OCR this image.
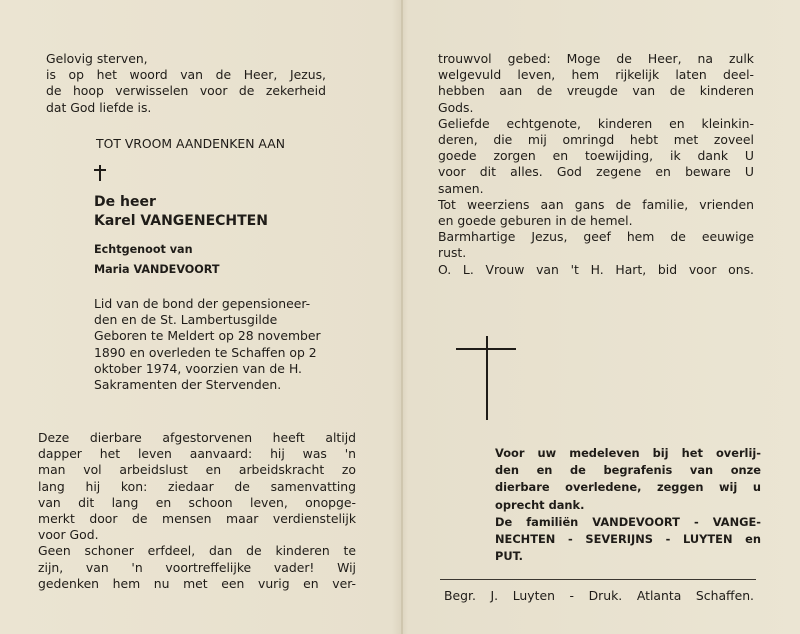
Gelovig sterven,
is op het woord van de Heer, Jezus,
de hoop verwisselen voor de zekerheid
dat God liefde is.
TOT VROOM AANDENKEN AAN
De heer
Karel VANGENECHTEN
Echtgenoot van
Maria VANDEVOORT
Lid van de bond der gepensioneer-
den en de St. Lambertusgilde
Geboren te Meldert op 28 november
1890 en overleden te Schaffen op 2
oktober 1974, voorzien van de H.
Sakramenten der Stervenden.
Deze dierbare afgestorvenen heeft altijd
dapper het leven aanvaard: hij was 'n
man vol arbeidslust en arbeidskracht zo
lang hij kon: ziedaar de samenvatting
van dit lang en schoon leven, onopge-
merkt door de mensen maar verdienstelijk
voor God.
Geen schoner erfdeel, dan de kinderen te
zijn, van 'n voortreffelijke vader! Wij
gedenken hem nu met een vurig en ver-
trouwvol gebed: Moge de Heer, na zulk
welgevuld leven, hem rijkelijk laten deel-
hebben aan de vreugde van de kinderen
Gods.
Geliefde echtgenote, kinderen en kleinkin-
deren, die mij omringd hebt met zoveel
goede zorgen en toewijding, ik dank U
voor dit alles. God zegene en beware U
samen.
Tot weerziens aan gans de familie, vrienden
en goede geburen in de hemel.
Barmhartige Jezus, geef hem de eeuwige
rust.
O. L. Vrouw van 't H. Hart, bid voor ons.
Voor uw medeleven bij het overlij-
den en de begrafenis van onze
dierbare overledene, zeggen wij u
oprecht dank.
De familiën VANDEVOORT - VANGE-
NECHTEN - SEVERIJNS - LUYTEN en
PUT.
Begr. J. Luyten - Druk. Atlanta Schaffen.
